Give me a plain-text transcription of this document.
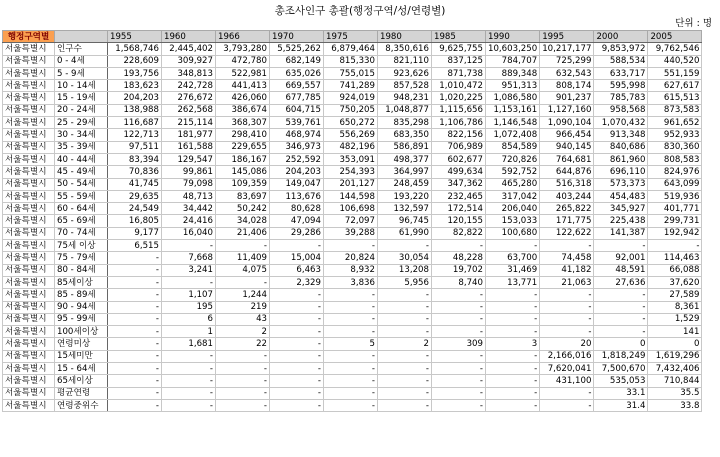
총조사인구 총괄(행정구역/성/연령별)
단위 : 명
행정구역별		1955	1960	1966	1970	1975	1980	1985	1990	1995	2000	2005
서울특별시	인구수	1,568,746	2,445,402	3,793,280	5,525,262	6,879,464	8,350,616	9,625,755	10,603,250	10,217,177	9,853,972	9,762,546
서울특별시	0 - 4세	228,609	309,927	472,780	682,149	815,330	821,110	837,125	784,707	725,299	588,534	440,520
서울특별시	5 - 9세	193,756	348,813	522,981	635,026	755,015	923,626	871,738	889,348	632,543	633,717	551,159
서울특별시	10 - 14세	183,623	242,728	441,413	669,557	741,289	857,528	1,010,472	951,313	808,174	595,998	627,617
서울특별시	15 - 19세	204,203	276,672	426,060	677,785	924,019	948,231	1,020,225	1,086,580	901,237	785,783	615,513
서울특별시	20 - 24세	138,988	262,568	386,674	604,715	750,205	1,048,877	1,115,656	1,153,161	1,127,160	958,568	873,583
서울특별시	25 - 29세	116,687	215,114	368,307	539,761	650,272	835,298	1,106,786	1,146,548	1,090,104	1,070,432	961,652
서울특별시	30 - 34세	122,713	181,977	298,410	468,974	556,269	683,350	822,156	1,072,408	966,454	913,348	952,933
서울특별시	35 - 39세	97,511	161,588	229,655	346,973	482,196	586,891	706,989	854,589	940,145	840,686	830,360
서울특별시	40 - 44세	83,394	129,547	186,167	252,592	353,091	498,377	602,677	720,826	764,681	861,960	808,583
서울특별시	45 - 49세	70,836	99,861	145,086	204,203	254,393	364,997	499,634	592,752	644,876	696,110	824,976
서울특별시	50 - 54세	41,745	79,098	109,359	149,047	201,127	248,459	347,362	465,280	516,318	573,373	643,099
서울특별시	55 - 59세	29,635	48,713	83,697	113,676	144,598	193,220	232,465	317,042	403,244	454,483	519,936
서울특별시	60 - 64세	24,549	34,442	50,242	80,628	106,698	132,597	172,514	206,040	265,822	345,927	401,771
서울특별시	65 - 69세	16,805	24,416	34,028	47,094	72,097	96,745	120,155	153,033	171,775	225,438	299,731
서울특별시	70 - 74세	9,177	16,040	21,406	29,286	39,288	61,990	82,822	100,680	122,622	141,387	192,942
서울특별시	75세 이상	6,515	-	-	-	-	-	-	-	-	-	-
서울특별시	75 - 79세	-	7,668	11,409	15,004	20,824	30,054	48,228	63,700	74,458	92,001	114,463
서울특별시	80 - 84세	-	3,241	4,075	6,463	8,932	13,208	19,702	31,469	41,182	48,591	66,088
서울특별시	85세이상	-	-	-	2,329	3,836	5,956	8,740	13,771	21,063	27,636	37,620
서울특별시	85 - 89세	-	1,107	1,244	-	-	-	-	-	-	-	27,589
서울특별시	90 - 94세	-	195	219	-	-	-	-	-	-	-	8,361
서울특별시	95 - 99세	-	6	43	-	-	-	-	-	-	-	1,529
서울특별시	100세이상	-	1	2	-	-	-	-	-	-	-	141
서울특별시	연령미상	-	1,681	22	-	5	2	309	3	20	0	0
서울특별시	15세미만	-	-	-	-	-	-	-	-	2,166,016	1,818,249	1,619,296
서울특별시	15 - 64세	-	-	-	-	-	-	-	-	7,620,041	7,500,670	7,432,406
서울특별시	65세이상	-	-	-	-	-	-	-	-	431,100	535,053	710,844
서울특별시	평균연령	-	-	-	-	-	-	-	-	-	33.1	35.5
서울특별시	연령중위수	-	-	-	-	-	-	-	-	-	31.4	33.8
